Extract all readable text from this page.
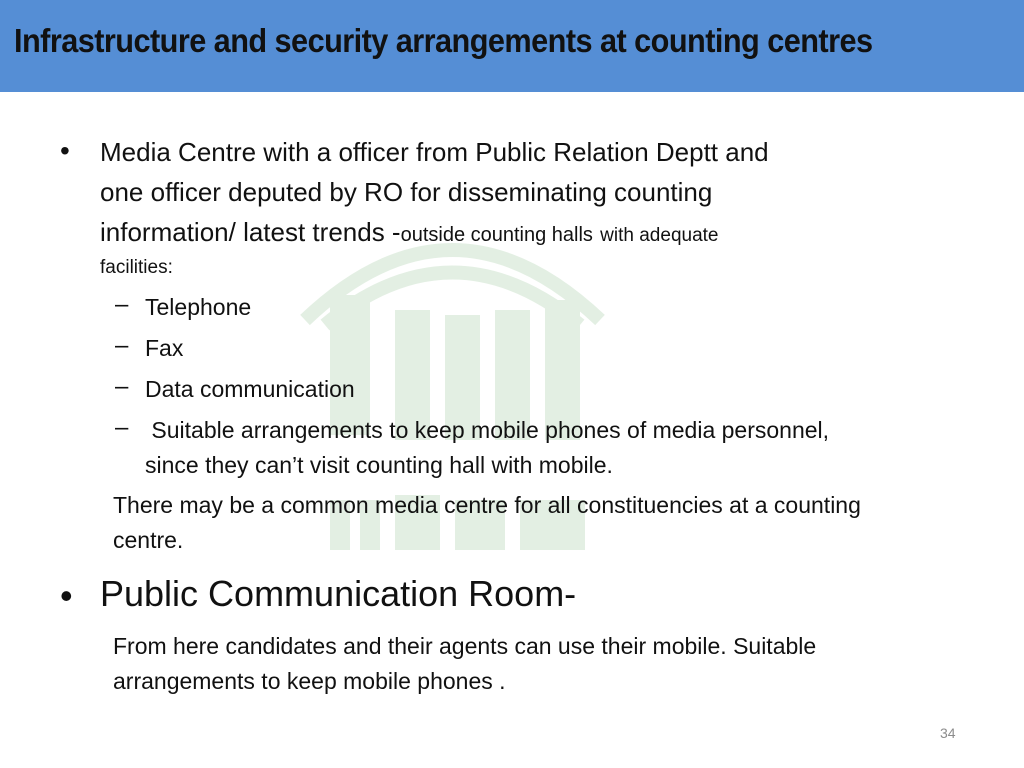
Infrastructure and security arrangements at counting centres
• Media Centre with a officer from Public Relation Deptt and
one officer deputed by RO for disseminating counting
information/ latest trends -outside counting halls with adequate
facilities:
– Telephone
– Fax
– Data communication
– Suitable arrangements to keep mobile phones of media personnel,
since they can’t visit counting hall with mobile.
There may be a common media centre for all constituencies at a counting
centre.
• Public Communication Room-
From here candidates and their agents can use their mobile. Suitable
arrangements to keep mobile phones .
34
